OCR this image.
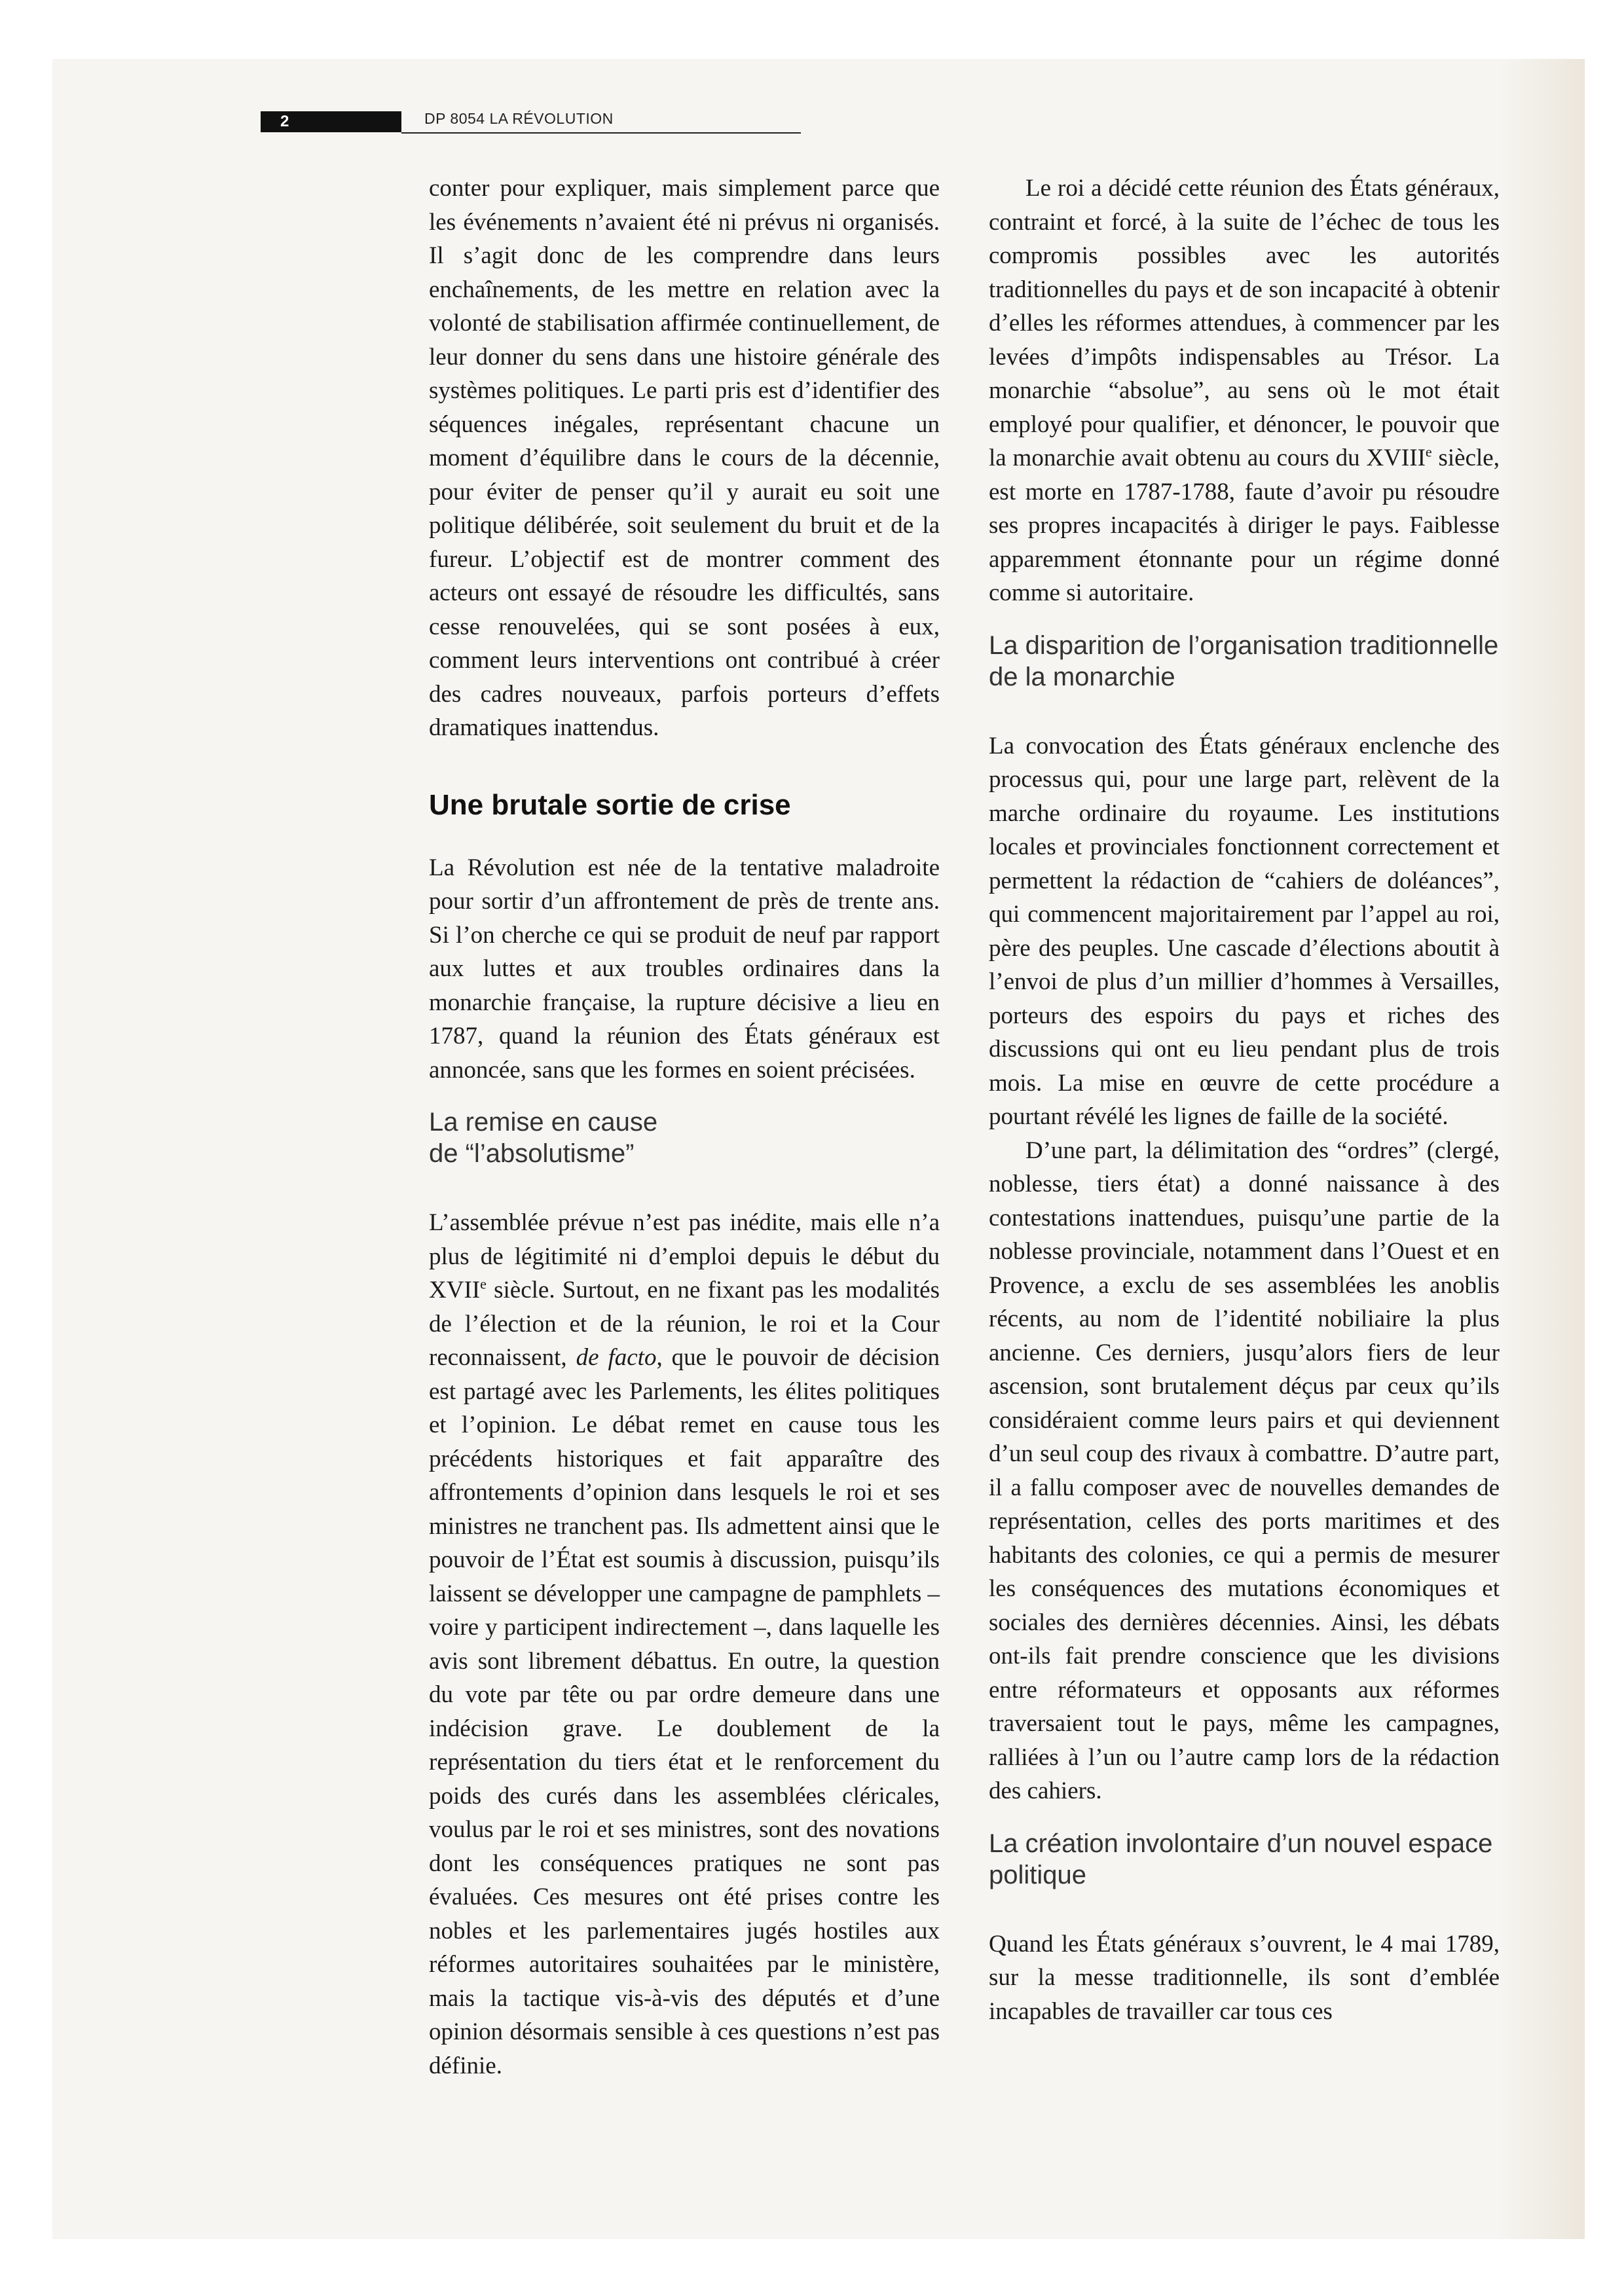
2	DP 8054 LA RÉVOLUTION

conter pour expliquer, mais simplement parce que les événements n’avaient été ni prévus ni organisés. Il s’agit donc de les comprendre dans leurs enchaînements, de les mettre en relation avec la volonté de stabilisation affirmée continuellement, de leur donner du sens dans une histoire générale des systèmes politiques. Le parti pris est d’identifier des séquences inégales, représentant chacune un moment d’équilibre dans le cours de la décennie, pour éviter de penser qu’il y aurait eu soit une politique délibérée, soit seulement du bruit et de la fureur. L’objectif est de montrer comment des acteurs ont essayé de résoudre les difficultés, sans cesse renouvelées, qui se sont posées à eux, comment leurs interventions ont contribué à créer des cadres nouveaux, parfois porteurs d’effets dramatiques inattendus.

Une brutale sortie de crise

La Révolution est née de la tentative maladroite pour sortir d’un affrontement de près de trente ans. Si l’on cherche ce qui se produit de neuf par rapport aux luttes et aux troubles ordinaires dans la monarchie française, la rupture décisive a lieu en 1787, quand la réunion des États généraux est annoncée, sans que les formes en soient précisées.

La remise en cause
de “l’absolutisme”

L’assemblée prévue n’est pas inédite, mais elle n’a plus de légitimité ni d’emploi depuis le début du XVIIe siècle. Surtout, en ne fixant pas les modalités de l’élection et de la réunion, le roi et la Cour reconnaissent, de facto, que le pouvoir de décision est partagé avec les Parlements, les élites politiques et l’opinion. Le débat remet en cause tous les précédents historiques et fait apparaître des affrontements d’opinion dans lesquels le roi et ses ministres ne tranchent pas. Ils admettent ainsi que le pouvoir de l’État est soumis à discussion, puisqu’ils laissent se développer une campagne de pamphlets – voire y participent indirectement –, dans laquelle les avis sont librement débattus. En outre, la question du vote par tête ou par ordre demeure dans une indécision grave. Le doublement de la représentation du tiers état et le renforcement du poids des curés dans les assemblées cléricales, voulus par le roi et ses ministres, sont des novations dont les conséquences pratiques ne sont pas évaluées. Ces mesures ont été prises contre les nobles et les parlementaires jugés hostiles aux réformes autoritaires souhaitées par le ministère, mais la tactique vis-à-vis des députés et d’une opinion désormais sensible à ces questions n’est pas définie.

Le roi a décidé cette réunion des États généraux, contraint et forcé, à la suite de l’échec de tous les compromis possibles avec les autorités traditionnelles du pays et de son incapacité à obtenir d’elles les réformes attendues, à commencer par les levées d’impôts indispensables au Trésor. La monarchie “absolue”, au sens où le mot était employé pour qualifier, et dénoncer, le pouvoir que la monarchie avait obtenu au cours du XVIIIe siècle, est morte en 1787-1788, faute d’avoir pu résoudre ses propres incapacités à diriger le pays. Faiblesse apparemment étonnante pour un régime donné comme si autoritaire.

La disparition de l’organisation traditionnelle de la monarchie

La convocation des États généraux enclenche des processus qui, pour une large part, relèvent de la marche ordinaire du royaume. Les institutions locales et provinciales fonctionnent correctement et permettent la rédaction de “cahiers de doléances”, qui commencent majoritairement par l’appel au roi, père des peuples. Une cascade d’élections aboutit à l’envoi de plus d’un millier d’hommes à Versailles, porteurs des espoirs du pays et riches des discussions qui ont eu lieu pendant plus de trois mois. La mise en œuvre de cette procédure a pourtant révélé les lignes de faille de la société.

D’une part, la délimitation des “ordres” (clergé, noblesse, tiers état) a donné naissance à des contestations inattendues, puisqu’une partie de la noblesse provinciale, notamment dans l’Ouest et en Provence, a exclu de ses assemblées les anoblis récents, au nom de l’identité nobiliaire la plus ancienne. Ces derniers, jusqu’alors fiers de leur ascension, sont brutalement déçus par ceux qu’ils considéraient comme leurs pairs et qui deviennent d’un seul coup des rivaux à combattre. D’autre part, il a fallu composer avec de nouvelles demandes de représentation, celles des ports maritimes et des habitants des colonies, ce qui a permis de mesurer les conséquences des mutations économiques et sociales des dernières décennies. Ainsi, les débats ont-ils fait prendre conscience que les divisions entre réformateurs et opposants aux réformes traversaient tout le pays, même les campagnes, ralliées à l’un ou l’autre camp lors de la rédaction des cahiers.

La création involontaire d’un nouvel espace politique

Quand les États généraux s’ouvrent, le 4 mai 1789, sur la messe traditionnelle, ils sont d’emblée incapables de travailler car tous ces
